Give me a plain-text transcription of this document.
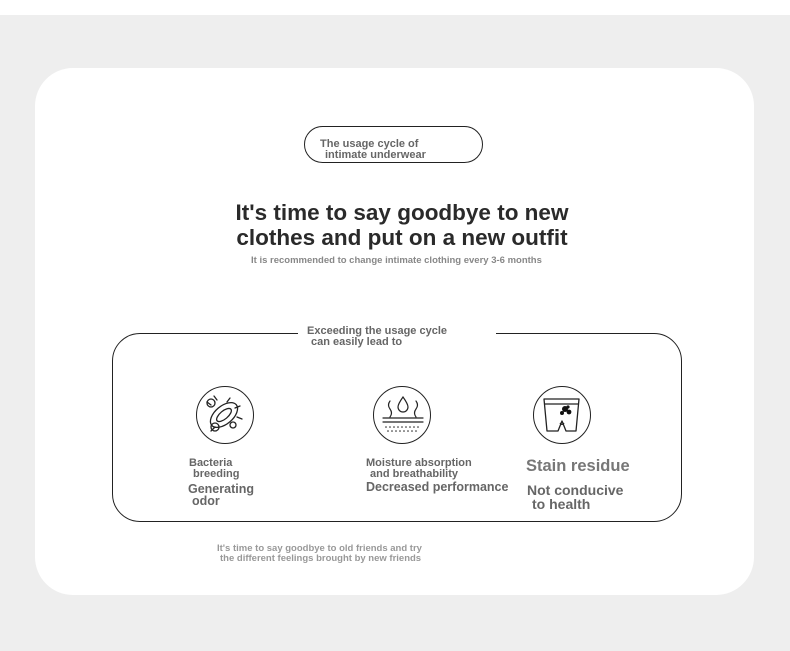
The usage cycle of
intimate underwear
It's time to say goodbye to new
clothes and put on a new outfit
It is recommended to change intimate clothing every 3-6 months
Exceeding the usage cycle
can easily lead to
Bacteria
breeding
Generating
odor
Moisture absorption
and breathability
Decreased performance
Stain residue
Not conducive
to health
It's time to say goodbye to old friends and try
the different feelings brought by new friends
